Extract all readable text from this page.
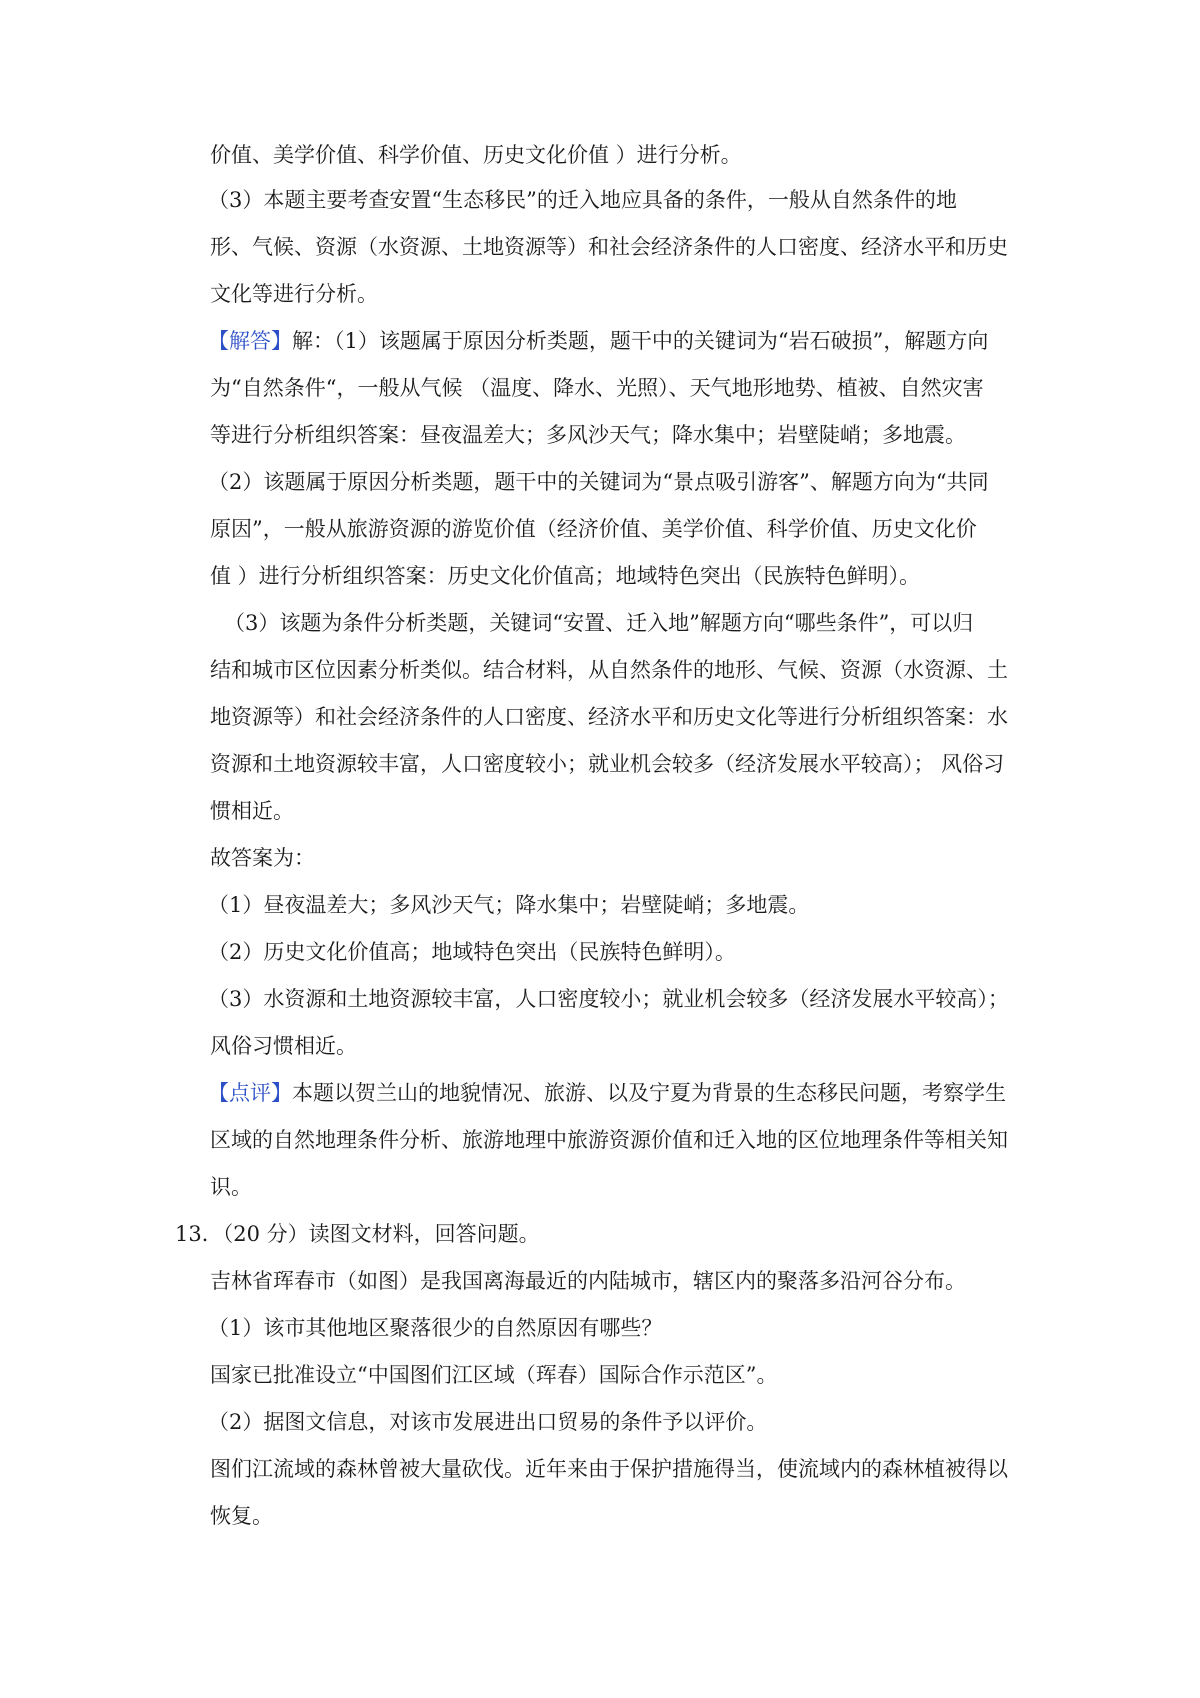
价值、美学价值、科学价值、历史文化价值 ）进行分析。
（3）本题主要考查安置“生态移民”的迁入地应具备的条件，一般从自然条件的地
形、气候、资源（水资源、土地资源等）和社会经济条件的人口密度、经济水平和历史
文化等进行分析。
【解答】解：（1）该题属于原因分析类题，题干中的关键词为“岩石破损”，解题方向
为“自然条件“，一般从气候 （温度、降水、光照）、天气地形地势、植被、自然灾害
等进行分析组织答案：昼夜温差大；多风沙天气；降水集中；岩壁陡峭；多地震。
（2）该题属于原因分析类题，题干中的关键词为“景点吸引游客”、解题方向为“共同
原因”，一般从旅游资源的游览价值（经济价值、美学价值、科学价值、历史文化价
值 ）进行分析组织答案：历史文化价值高；地域特色突出（民族特色鲜明）。
（3）该题为条件分析类题，关键词“安置、迁入地”解题方向“哪些条件”，可以归
结和城市区位因素分析类似。结合材料，从自然条件的地形、气候、资源（水资源、土
地资源等）和社会经济条件的人口密度、经济水平和历史文化等进行分析组织答案：水
资源和土地资源较丰富，人口密度较小；就业机会较多（经济发展水平较高）； 风俗习
惯相近。
故答案为：
（1）昼夜温差大；多风沙天气；降水集中；岩壁陡峭；多地震。
（2）历史文化价值高；地域特色突出（民族特色鲜明）。
（3）水资源和土地资源较丰富，人口密度较小；就业机会较多（经济发展水平较高）；
风俗习惯相近。
【点评】本题以贺兰山的地貌情况、旅游、以及宁夏为背景的生态移民问题，考察学生
区域的自然地理条件分析、旅游地理中旅游资源价值和迁入地的区位地理条件等相关知
识。
13．（20 分）读图文材料，回答问题。
吉林省珲春市（如图）是我国离海最近的内陆城市，辖区内的聚落多沿河谷分布。
（1）该市其他地区聚落很少的自然原因有哪些？
国家已批准设立“中国图们江区域（珲春）国际合作示范区”。
（2）据图文信息，对该市发展进出口贸易的条件予以评价。
图们江流域的森林曾被大量砍伐。近年来由于保护措施得当，使流域内的森林植被得以
恢复。
